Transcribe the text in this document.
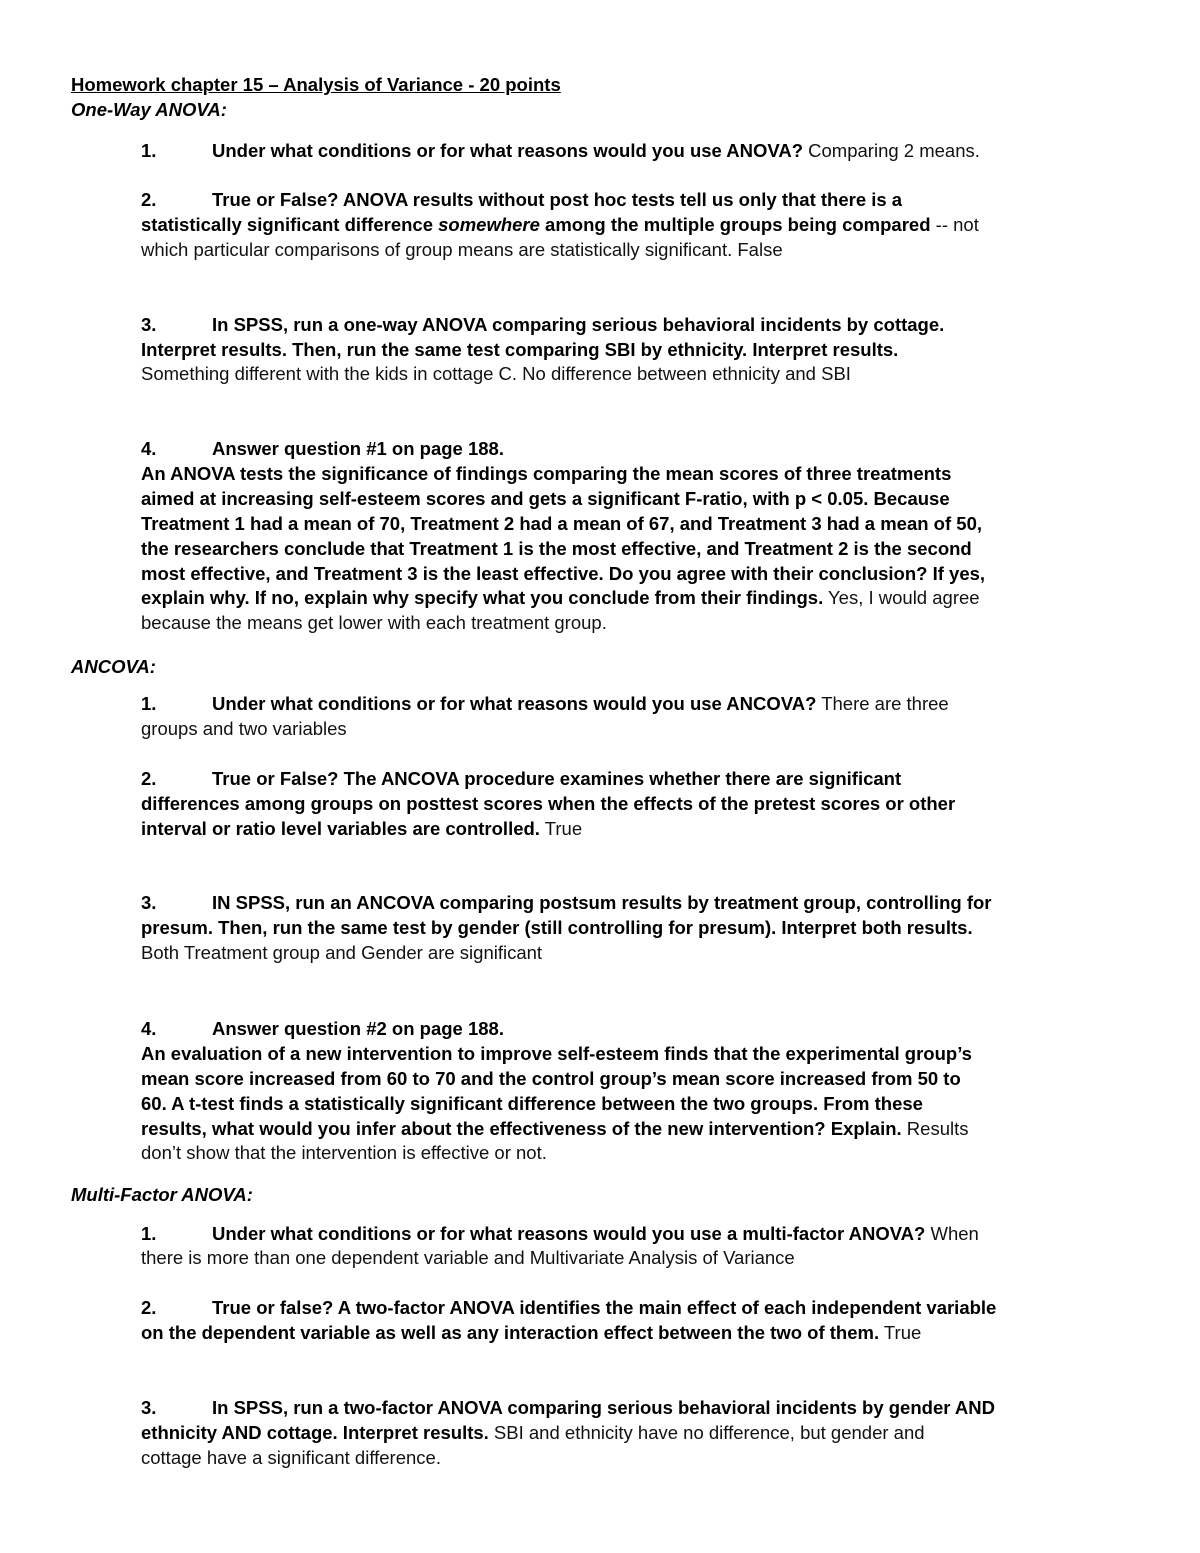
Homework chapter 15 – Analysis of Variance - 20 points
One-Way ANOVA:
1.	Under what conditions or for what reasons would you use ANOVA? Comparing 2 means.
2.	True or False? ANOVA results without post hoc tests tell us only that there is a
statistically significant difference somewhere among the multiple groups being compared -- not
which particular comparisons of group means are statistically significant. False
3.	In SPSS, run a one-way ANOVA comparing serious behavioral incidents by cottage.
Interpret results. Then, run the same test comparing SBI by ethnicity. Interpret results.
Something different with the kids in cottage C. No difference between ethnicity and SBI
4.	Answer question #1 on page 188.
An ANOVA tests the significance of findings comparing the mean scores of three treatments
aimed at increasing self-esteem scores and gets a significant F-ratio, with p < 0.05. Because
Treatment 1 had a mean of 70, Treatment 2 had a mean of 67, and Treatment 3 had a mean of 50,
the researchers conclude that Treatment 1 is the most effective, and Treatment 2 is the second
most effective, and Treatment 3 is the least effective. Do you agree with their conclusion? If yes,
explain why. If no, explain why specify what you conclude from their findings. Yes, I would agree
because the means get lower with each treatment group.
ANCOVA:
1.	Under what conditions or for what reasons would you use ANCOVA? There are three
groups and two variables
2.	True or False? The ANCOVA procedure examines whether there are significant
differences among groups on posttest scores when the effects of the pretest scores or other
interval or ratio level variables are controlled. True
3.	IN SPSS, run an ANCOVA comparing postsum results by treatment group, controlling for
presum. Then, run the same test by gender (still controlling for presum). Interpret both results.
Both Treatment group and Gender are significant
4.	Answer question #2 on page 188.
An evaluation of a new intervention to improve self-esteem finds that the experimental group’s
mean score increased from 60 to 70 and the control group’s mean score increased from 50 to
60. A t-test finds a statistically significant difference between the two groups. From these
results, what would you infer about the effectiveness of the new intervention? Explain. Results
don’t show that the intervention is effective or not.
Multi-Factor ANOVA:
1.	Under what conditions or for what reasons would you use a multi-factor ANOVA? When
there is more than one dependent variable and Multivariate Analysis of Variance
2.	True or false? A two-factor ANOVA identifies the main effect of each independent variable
on the dependent variable as well as any interaction effect between the two of them. True
3.	In SPSS, run a two-factor ANOVA comparing serious behavioral incidents by gender AND
ethnicity AND cottage. Interpret results. SBI and ethnicity have no difference, but gender and
cottage have a significant difference.
